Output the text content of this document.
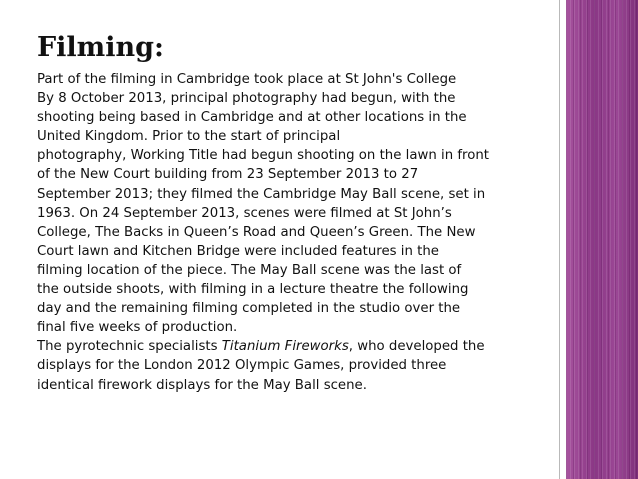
Filming:
Part of the filming in Cambridge took place at St John's College
By 8 October 2013, principal photography had begun, with the
shooting being based in Cambridge and at other locations in the
United Kingdom. Prior to the start of principal
photography, Working Title had begun shooting on the lawn in front
of the New Court building from 23 September 2013 to 27
September 2013; they filmed the Cambridge May Ball scene, set in
1963. On 24 September 2013, scenes were filmed at St John’s
College, The Backs in Queen’s Road and Queen’s Green. The New
Court lawn and Kitchen Bridge were included features in the
filming location of the piece. The May Ball scene was the last of
the outside shoots, with filming in a lecture theatre the following
day and the remaining filming completed in the studio over the
final five weeks of production.
The pyrotechnic specialists Titanium Fireworks, who developed the
displays for the London 2012 Olympic Games, provided three
identical firework displays for the May Ball scene.
